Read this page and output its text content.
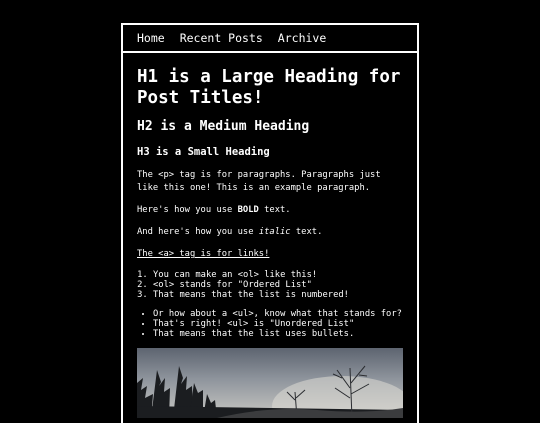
Home Recent Posts Archive
H1 is a Large Heading for Post Titles!
H2 is a Medium Heading
H3 is a Small Heading

The <p> tag is for paragraphs. Paragraphs just like this one! This is an example paragraph.

Here's how you use BOLD text.

And here's how you use italic text.

The <a> tag is for links!

1. You can make an <ol> like this!
2. <ol> stands for "Ordered List"
3. That means that the list is numbered!
• Or how about a <ul>, know what that stands for?
• That's right! <ul> is "Unordered List"
• That means that the list uses bullets.
